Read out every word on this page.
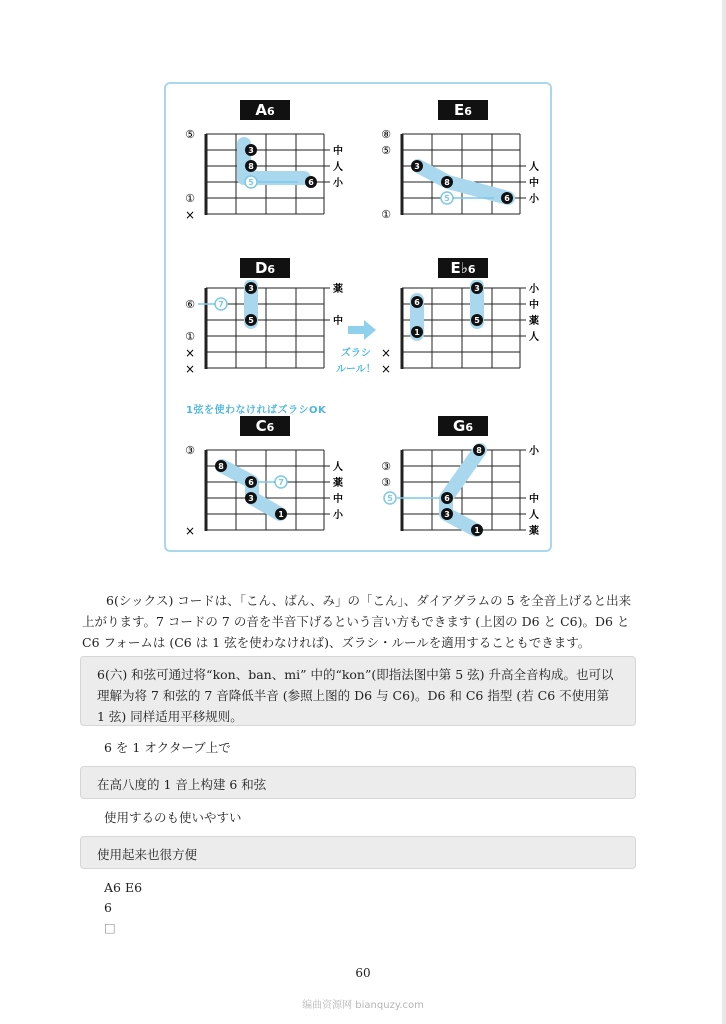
A6
3
8
5	6
⑤
①
×
中
人
小
E6
3
8
5	6
⑧
⑤
①
人
中
小
D6
3
5
7
⑥
①
×
×
薬
中
ズラシ
ルール！
E♭6
6
1
3
5
×
×
小
中
薬
人
1弦を使わなければズラシOK
C6
8
6
3
1
7
③
×
人
薬
中
小
G6
8
6
3
1
5
③
③
小
中
人
薬

6(シックス) コードは、「こん、ばん、み」の「こん」、ダイアグラムの 5 を全音上げると出来上がります。7 コードの 7 の音を半音下げるという言い方もできます (上図の D6 と C6)。D6 と C6 フォームは (C6 は 1 弦を使わなければ)、ズラシ・ルールを適用することもできます。

6(六) 和弦可通过将“kon、ban、mi” 中的“kon”(即指法图中第 5 弦) 升高全音构成。也可以理解为将 7 和弦的 7 音降低半音 (参照上图的 D6 与 C6)。D6 和 C6 指型 (若 C6 不使用第 1 弦) 同样适用平移规则。
6 を 1 オクターブ上で
在高八度的 1 音上构建 6 和弦
使用するのも使いやすい
使用起来也很方便
A6 E6
6
□
60
编曲资源网 bianquzy.com
